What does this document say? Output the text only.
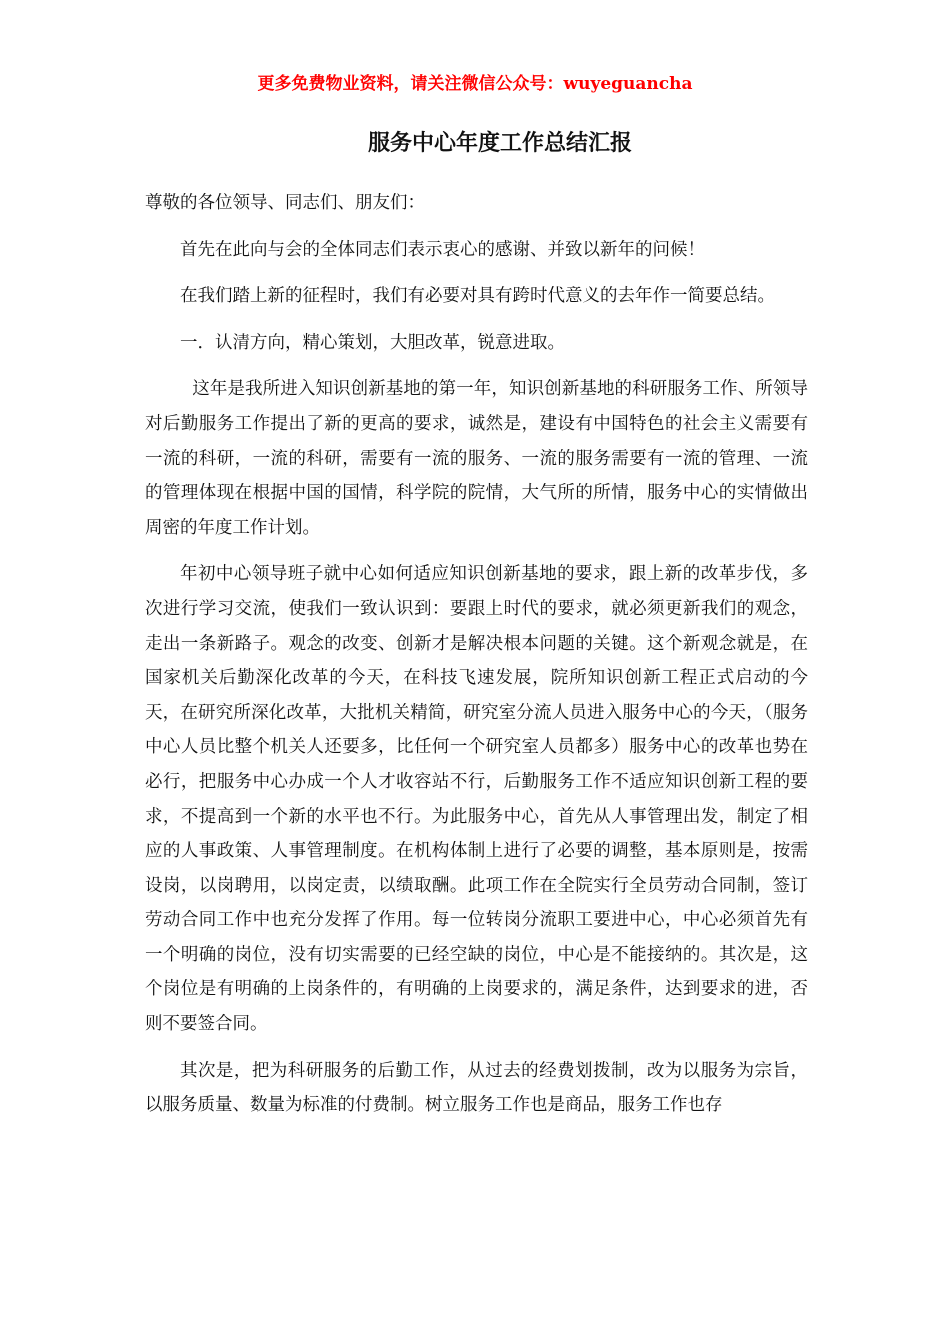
更多免费物业资料，请关注微信公众号：wuyeguancha
服务中心年度工作总结汇报

尊敬的各位领导、同志们、朋友们：

首先在此向与会的全体同志们表示衷心的感谢、并致以新年的问候！

在我们踏上新的征程时，我们有必要对具有跨时代意义的去年作一简要总结。

一．认清方向，精心策划，大胆改革，锐意进取。

这年是我所进入知识创新基地的第一年，知识创新基地的科研服务工作、所领导对后勤服务工作提出了新的更高的要求，诚然是，建设有中国特色的社会主义需要有一流的科研，一流的科研，需要有一流的服务、一流的服务需要有一流的管理、一流的管理体现在根据中国的国情，科学院的院情，大气所的所情，服务中心的实情做出周密的年度工作计划。

年初中心领导班子就中心如何适应知识创新基地的要求，跟上新的改革步伐，多次进行学习交流，使我们一致认识到：要跟上时代的要求，就必须更新我们的观念，走出一条新路子。观念的改变、创新才是解决根本问题的关键。这个新观念就是，在国家机关后勤深化改革的今天，在科技飞速发展，院所知识创新工程正式启动的今天，在研究所深化改革，大批机关精简，研究室分流人员进入服务中心的今天，（服务中心人员比整个机关人还要多，比任何一个研究室人员都多）服务中心的改革也势在必行，把服务中心办成一个人才收容站不行，后勤服务工作不适应知识创新工程的要求，不提高到一个新的水平也不行。为此服务中心，首先从人事管理出发，制定了相应的人事政策、人事管理制度。在机构体制上进行了必要的调整，基本原则是，按需设岗，以岗聘用，以岗定责，以绩取酬。此项工作在全院实行全员劳动合同制，签订劳动合同工作中也充分发挥了作用。每一位转岗分流职工要进中心，中心必须首先有一个明确的岗位，没有切实需要的已经空缺的岗位，中心是不能接纳的。其次是，这个岗位是有明确的上岗条件的，有明确的上岗要求的，满足条件，达到要求的进，否则不要签合同。

其次是，把为科研服务的后勤工作，从过去的经费划拨制，改为以服务为宗旨，以服务质量、数量为标准的付费制。树立服务工作也是商品，服务工作也存
